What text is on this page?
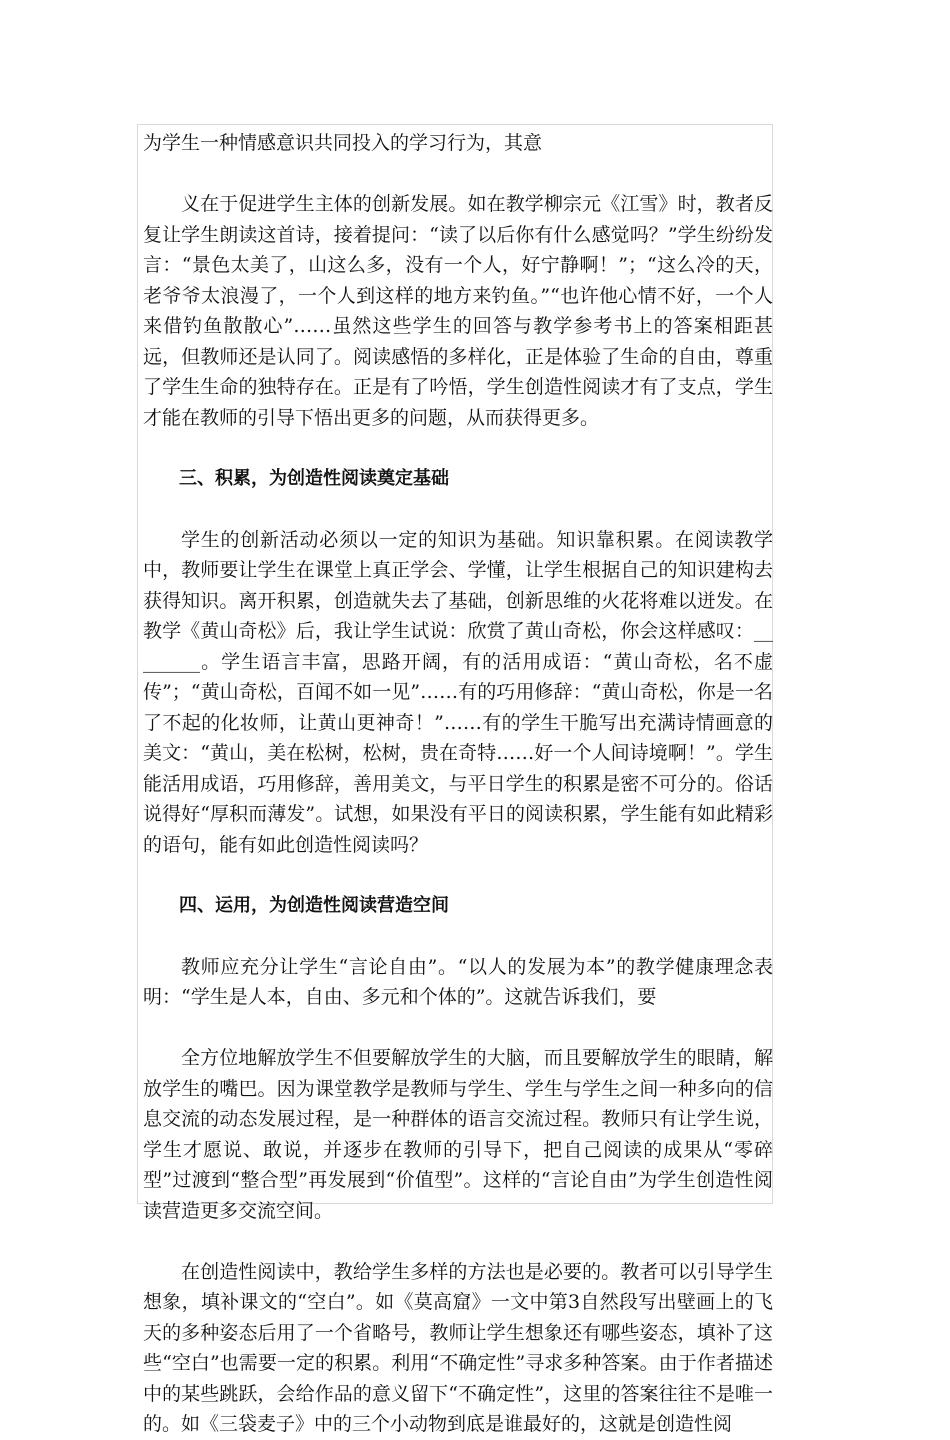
为学生一种情感意识共同投入的学习行为，其意

义在于促进学生主体的创新发展。如在教学柳宗元《江雪》时，教者反复让学生朗读这首诗，接着提问：“读了以后你有什么感觉吗？”学生纷纷发言：“景色太美了，山这么多，没有一个人，好宁静啊！”；“这么冷的天，老爷爷太浪漫了，一个人到这样的地方来钓鱼。”“也许他心情不好，一个人来借钓鱼散散心”……虽然这些学生的回答与教学参考书上的答案相距甚远，但教师还是认同了。阅读感悟的多样化，正是体验了生命的自由，尊重了学生生命的独特存在。正是有了吟悟，学生创造性阅读才有了支点，学生才能在教师的引导下悟出更多的问题，从而获得更多。

三、积累，为创造性阅读奠定基础

学生的创新活动必须以一定的知识为基础。知识靠积累。在阅读教学中，教师要让学生在课堂上真正学会、学懂，让学生根据自己的知识建构去获得知识。离开积累，创造就失去了基础，创新思维的火花将难以迸发。在教学《黄山奇松》后，我让学生试说：欣赏了黄山奇松，你会这样感叹：________。学生语言丰富，思路开阔，有的活用成语：“黄山奇松，名不虚传”；“黄山奇松，百闻不如一见”……有的巧用修辞：“黄山奇松，你是一名了不起的化妆师，让黄山更神奇！”……有的学生干脆写出充满诗情画意的美文：“黄山，美在松树，松树，贵在奇特……好一个人间诗境啊！”。学生能活用成语，巧用修辞，善用美文，与平日学生的积累是密不可分的。俗话说得好“厚积而薄发”。试想，如果没有平日的阅读积累，学生能有如此精彩的语句，能有如此创造性阅读吗？

四、运用，为创造性阅读营造空间

教师应充分让学生“言论自由”。“以人的发展为本”的教学健康理念表明：“学生是人本，自由、多元和个体的”。这就告诉我们，要

全方位地解放学生不但要解放学生的大脑，而且要解放学生的眼睛，解放学生的嘴巴。因为课堂教学是教师与学生、学生与学生之间一种多向的信息交流的动态发展过程，是一种群体的语言交流过程。教师只有让学生说，学生才愿说、敢说，并逐步在教师的引导下，把自己阅读的成果从“零碎型”过渡到“整合型”再发展到“价值型”。这样的“言论自由”为学生创造性阅读营造更多交流空间。

在创造性阅读中，教给学生多样的方法也是必要的。教者可以引导学生想象，填补课文的“空白”。如《莫高窟》一文中第3自然段写出壁画上的飞天的多种姿态后用了一个省略号，教师让学生想象还有哪些姿态，填补了这些“空白”也需要一定的积累。利用“不确定性”寻求多种答案。由于作者描述中的某些跳跃，会给作品的意义留下“不确定性”，这里的答案往往不是唯一的。如《三袋麦子》中的三个小动物到底是谁最好的，这就是创造性阅
